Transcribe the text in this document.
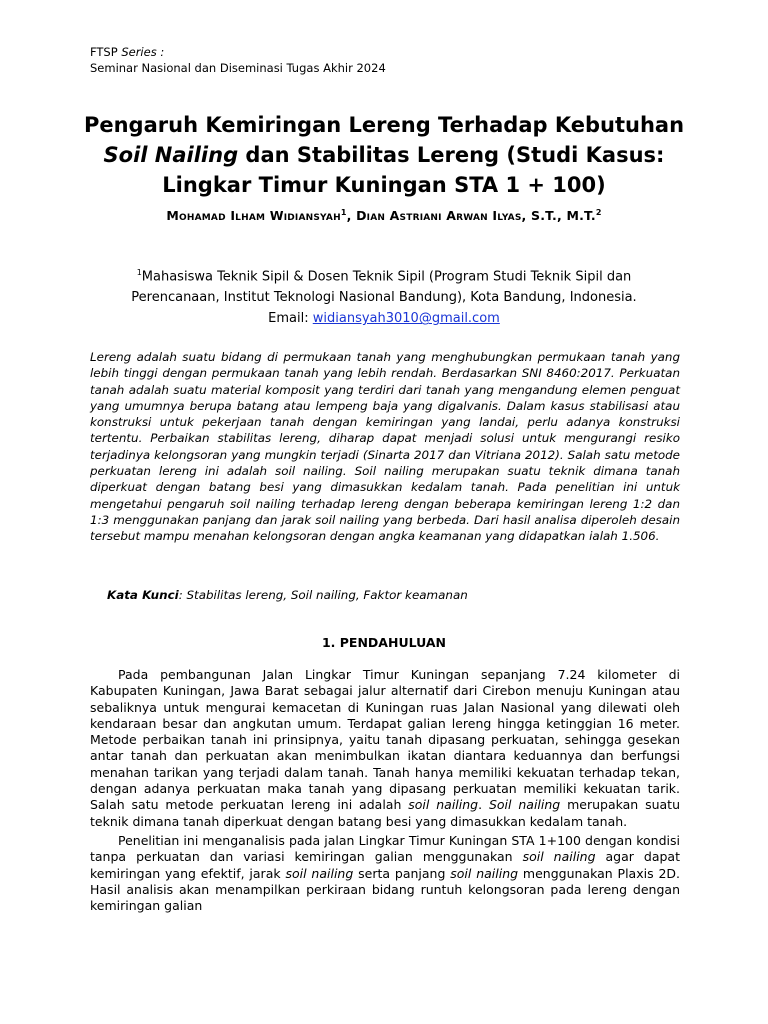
FTSP Series :
Seminar Nasional dan Diseminasi Tugas Akhir 2024
Pengaruh Kemiringan Lereng Terhadap Kebutuhan
Soil Nailing dan Stabilitas Lereng (Studi Kasus:
Lingkar Timur Kuningan STA 1 + 100)
Mohamad Ilham Widiansyah$^1$, Dian Astriani Arwan Ilyas, S.T., M.T.$^2$
$^1$Mahasiswa Teknik Sipil & Dosen Teknik Sipil (Program Studi Teknik Sipil dan
Perencanaan, Institut Teknologi Nasional Bandung), Kota Bandung, Indonesia.
Email: widiansyah3010@gmail.com
Lereng adalah suatu bidang di permukaan tanah yang menghubungkan permukaan tanah yang lebih tinggi dengan permukaan tanah yang lebih rendah. Berdasarkan SNI 8460:2017. Perkuatan tanah adalah suatu material komposit yang terdiri dari tanah yang mengandung elemen penguat yang umumnya berupa batang atau lempeng baja yang digalvanis. Dalam kasus stabilisasi atau konstruksi untuk pekerjaan tanah dengan kemiringan yang landai, perlu adanya konstruksi tertentu. Perbaikan stabilitas lereng, diharap dapat menjadi solusi untuk mengurangi resiko terjadinya kelongsoran yang mungkin terjadi (Sinarta 2017 dan Vitriana 2012). Salah satu metode perkuatan lereng ini adalah soil nailing. Soil nailing merupakan suatu teknik dimana tanah diperkuat dengan batang besi yang dimasukkan kedalam tanah. Pada penelitian ini untuk mengetahui pengaruh soil nailing terhadap lereng dengan beberapa kemiringan lereng 1:2 dan 1:3 menggunakan panjang dan jarak soil nailing yang berbeda. Dari hasil analisa diperoleh desain tersebut mampu menahan kelongsoran dengan angka keamanan yang didapatkan ialah 1.506.
Kata Kunci: Stabilitas lereng, Soil nailing, Faktor keamanan
1. PENDAHULUAN

Pada pembangunan Jalan Lingkar Timur Kuningan sepanjang 7.24 kilometer di Kabupaten Kuningan, Jawa Barat sebagai jalur alternatif dari Cirebon menuju Kuningan atau sebaliknya untuk mengurai kemacetan di Kuningan ruas Jalan Nasional yang dilewati oleh kendaraan besar dan angkutan umum. Terdapat galian lereng hingga ketinggian 16 meter. Metode perbaikan tanah ini prinsipnya, yaitu tanah dipasang perkuatan, sehingga gesekan antar tanah dan perkuatan akan menimbulkan ikatan diantara keduannya dan berfungsi menahan tarikan yang terjadi dalam tanah. Tanah hanya memiliki kekuatan terhadap tekan, dengan adanya perkuatan maka tanah yang dipasang perkuatan memiliki kekuatan tarik. Salah satu metode perkuatan lereng ini adalah soil nailing. Soil nailing merupakan suatu teknik dimana tanah diperkuat dengan batang besi yang dimasukkan kedalam tanah.

Penelitian ini menganalisis pada jalan Lingkar Timur Kuningan STA 1+100 dengan kondisi tanpa perkuatan dan variasi kemiringan galian menggunakan soil nailing agar dapat kemiringan yang efektif, jarak soil nailing serta panjang soil nailing menggunakan Plaxis 2D. Hasil analisis akan menampilkan perkiraan bidang runtuh kelongsoran pada lereng dengan kemiringan galian
